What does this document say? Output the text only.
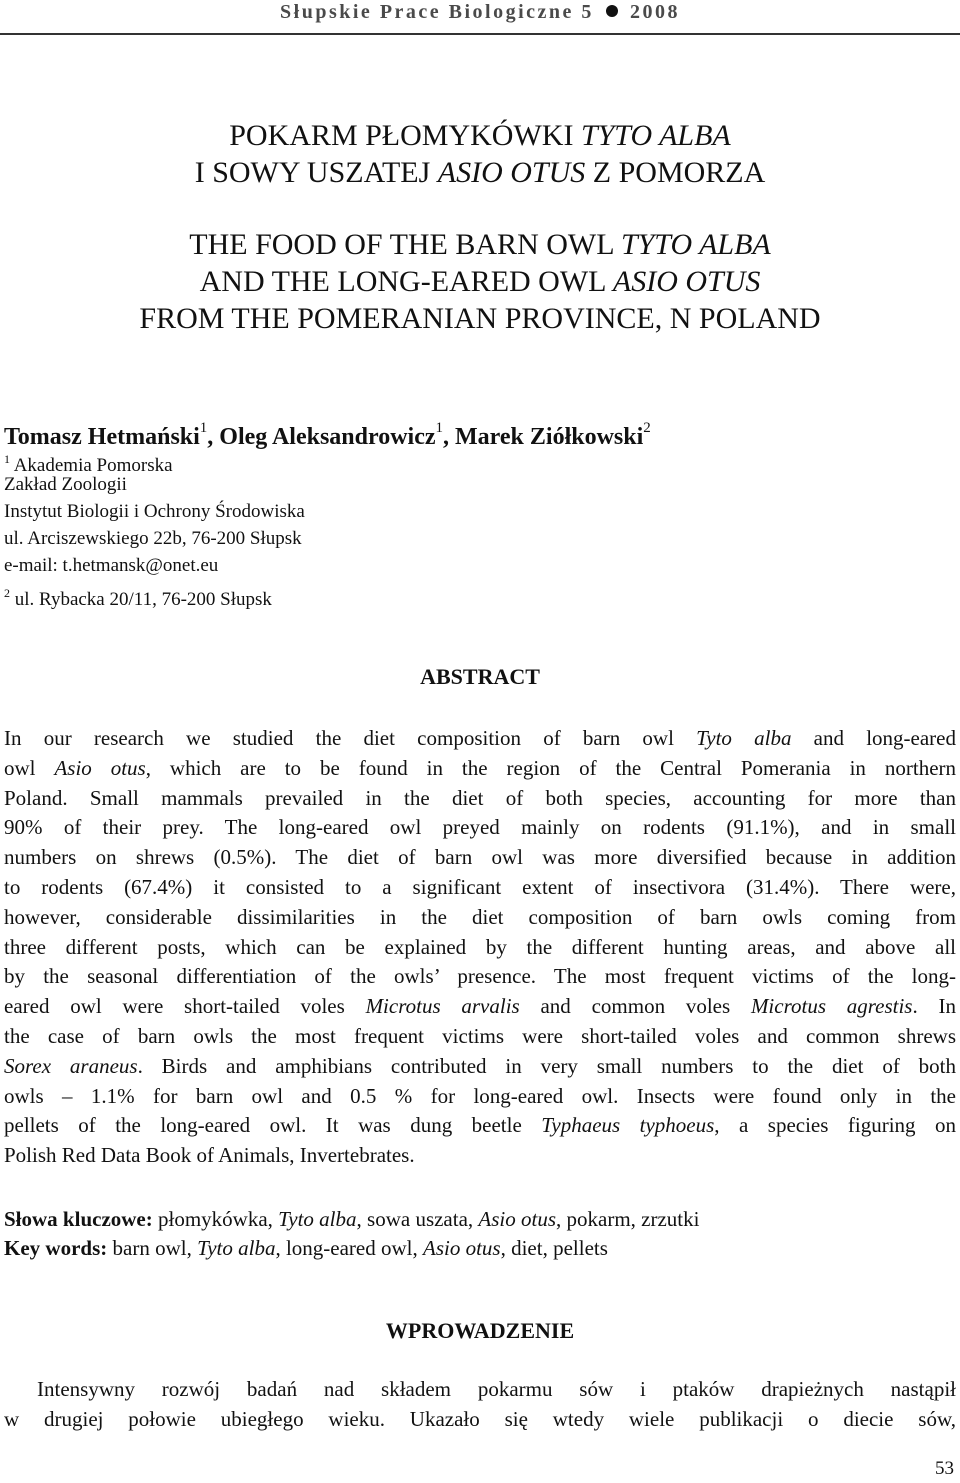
Słupskie Prace Biologiczne 5 2008
POKARM PŁOMYKÓWKI TYTO ALBA
I SOWY USZATEJ ASIO OTUS Z POMORZA
THE FOOD OF THE BARN OWL TYTO ALBA
AND THE LONG-EARED OWL ASIO OTUS
FROM THE POMERANIAN PROVINCE, N POLAND
Tomasz Hetmański$^1$, Oleg Aleksandrowicz$^1$, Marek Ziółkowski$^2$
$^1$ Akademia Pomorska
Zakład Zoologii
Instytut Biologii i Ochrony Środowiska
ul. Arciszewskiego 22b, 76-200 Słupsk
e-mail: t.hetmansk@onet.eu
$^2$ ul. Rybacka 20/11, 76-200 Słupsk
ABSTRACT
In our research we studied the diet composition of barn owl Tyto alba and long-eared
owl Asio otus, which are to be found in the region of the Central Pomerania in northern
Poland. Small mammals prevailed in the diet of both species, accounting for more than
90% of their prey. The long-eared owl preyed mainly on rodents (91.1%), and in small
numbers on shrews (0.5%). The diet of barn owl was more diversified because in addition
to rodents (67.4%) it consisted to a significant extent of insectivora (31.4%). There were,
however, considerable dissimilarities in the diet composition of barn owls coming from
three different posts, which can be explained by the different hunting areas, and above all
by the seasonal differentiation of the owls’ presence. The most frequent victims of the long-
eared owl were short-tailed voles Microtus arvalis and common voles Microtus agrestis. In
the case of barn owls the most frequent victims were short-tailed voles and common shrews
Sorex araneus. Birds and amphibians contributed in very small numbers to the diet of both
owls – 1.1% for barn owl and 0.5 % for long-eared owl. Insects were found only in the
pellets of the long-eared owl. It was dung beetle Typhaeus typhoeus, a species figuring on
Polish Red Data Book of Animals, Invertebrates.
Słowa kluczowe: płomykówka, Tyto alba, sowa uszata, Asio otus, pokarm, zrzutki
Key words: barn owl, Tyto alba, long-eared owl, Asio otus, diet, pellets
WPROWADZENIE
Intensywny rozwój badań nad składem pokarmu sów i ptaków drapieżnych nastąpił
w drugiej połowie ubiegłego wieku. Ukazało się wtedy wiele publikacji o diecie sów,
53
